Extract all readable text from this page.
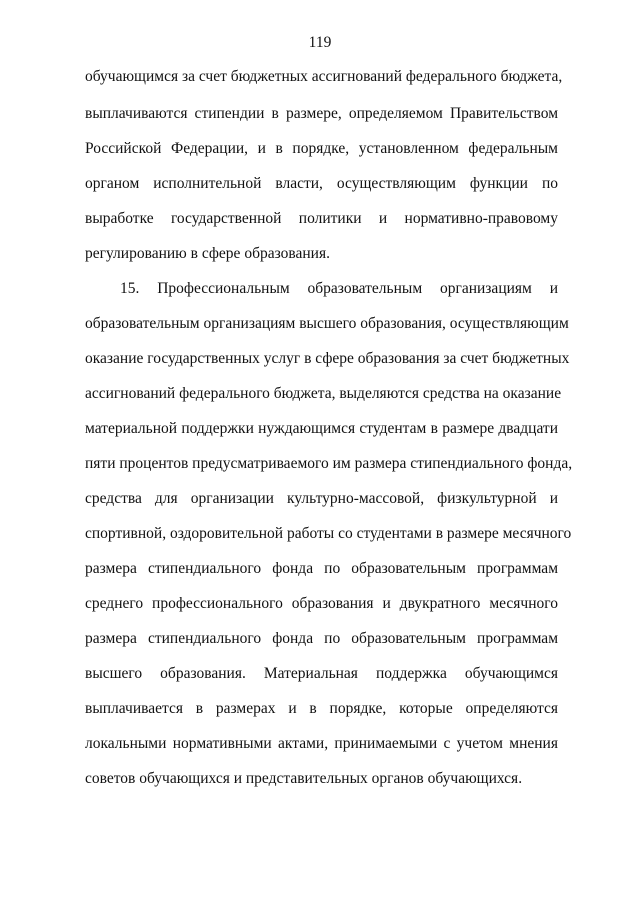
119
обучающимся за счет бюджетных ассигнований федерального бюджета,
выплачиваются стипендии в размере, определяемом Правительством
Российской Федерации, и в порядке, установленном федеральным
органом исполнительной власти, осуществляющим функции по
выработке государственной политики и нормативно-правовому
регулированию в сфере образования.
15. Профессиональным образовательным организациям и
образовательным организациям высшего образования, осуществляющим
оказание государственных услуг в сфере образования за счет бюджетных
ассигнований федерального бюджета, выделяются средства на оказание
материальной поддержки нуждающимся студентам в размере двадцати
пяти процентов предусматриваемого им размера стипендиального фонда,
средства для организации культурно-массовой, физкультурной и
спортивной, оздоровительной работы со студентами в размере месячного
размера стипендиального фонда по образовательным программам
среднего профессионального образования и двукратного месячного
размера стипендиального фонда по образовательным программам
высшего образования. Материальная поддержка обучающимся
выплачивается в размерах и в порядке, которые определяются
локальными нормативными актами, принимаемыми с учетом мнения
советов обучающихся и представительных органов обучающихся.
